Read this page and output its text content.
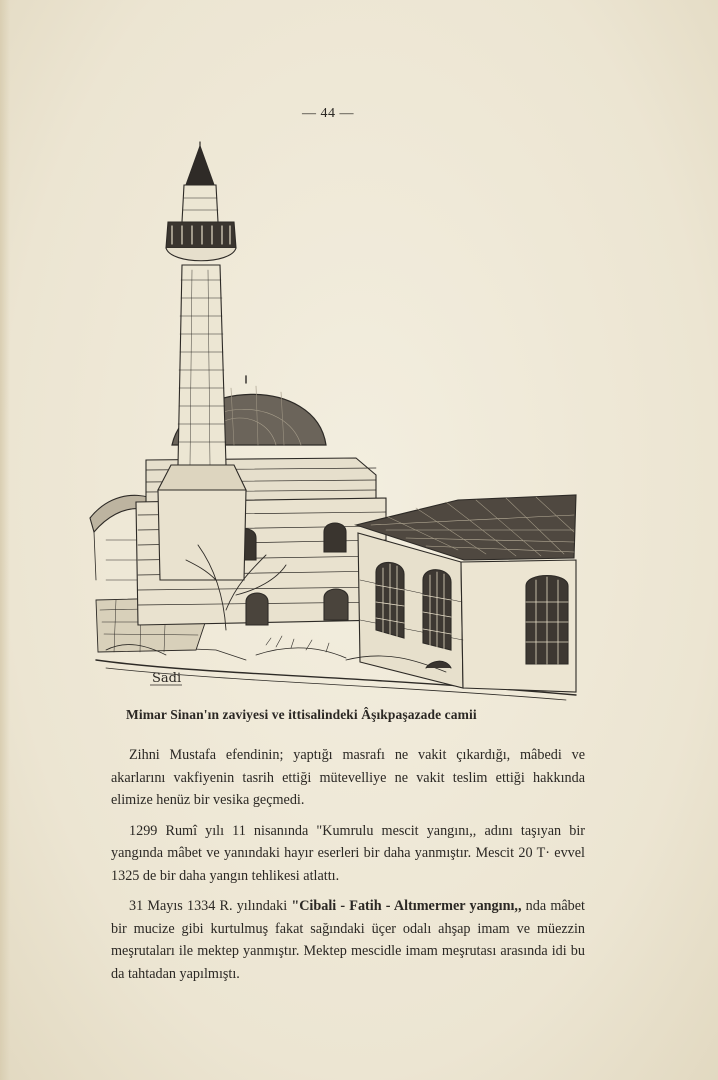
— 44 —
Sadi
Mimar Sinan'ın zaviyesi ve ittisalindeki Âşıkpaşazade camii

Zihni Mustafa efendinin; yaptığı masrafı ne vakit çıkardığı, mâbedi ve akarlarını vakfiyenin tasrih ettiği mütevelliye ne vakit teslim ettiği hakkında elimize henüz bir vesika geçmedi.

1299 Rumî yılı 11 nisanında "Kumrulu mescit yangını,, adını taşıyan bir yangında mâbet ve yanındaki hayır eserleri bir daha yanmıştır. Mescit 20 T· evvel 1325 de bir daha yangın tehlikesi atlattı.

31 Mayıs 1334 R. yılındaki "Cibali - Fatih - Altımermer yangını,, nda mâbet bir mucize gibi kurtulmuş fakat sağındaki üçer odalı ahşap imam ve müezzin meşrutaları ile mektep yanmıştır. Mektep mescidle imam meşrutası arasında idi bu da tahtadan yapılmıştı.
